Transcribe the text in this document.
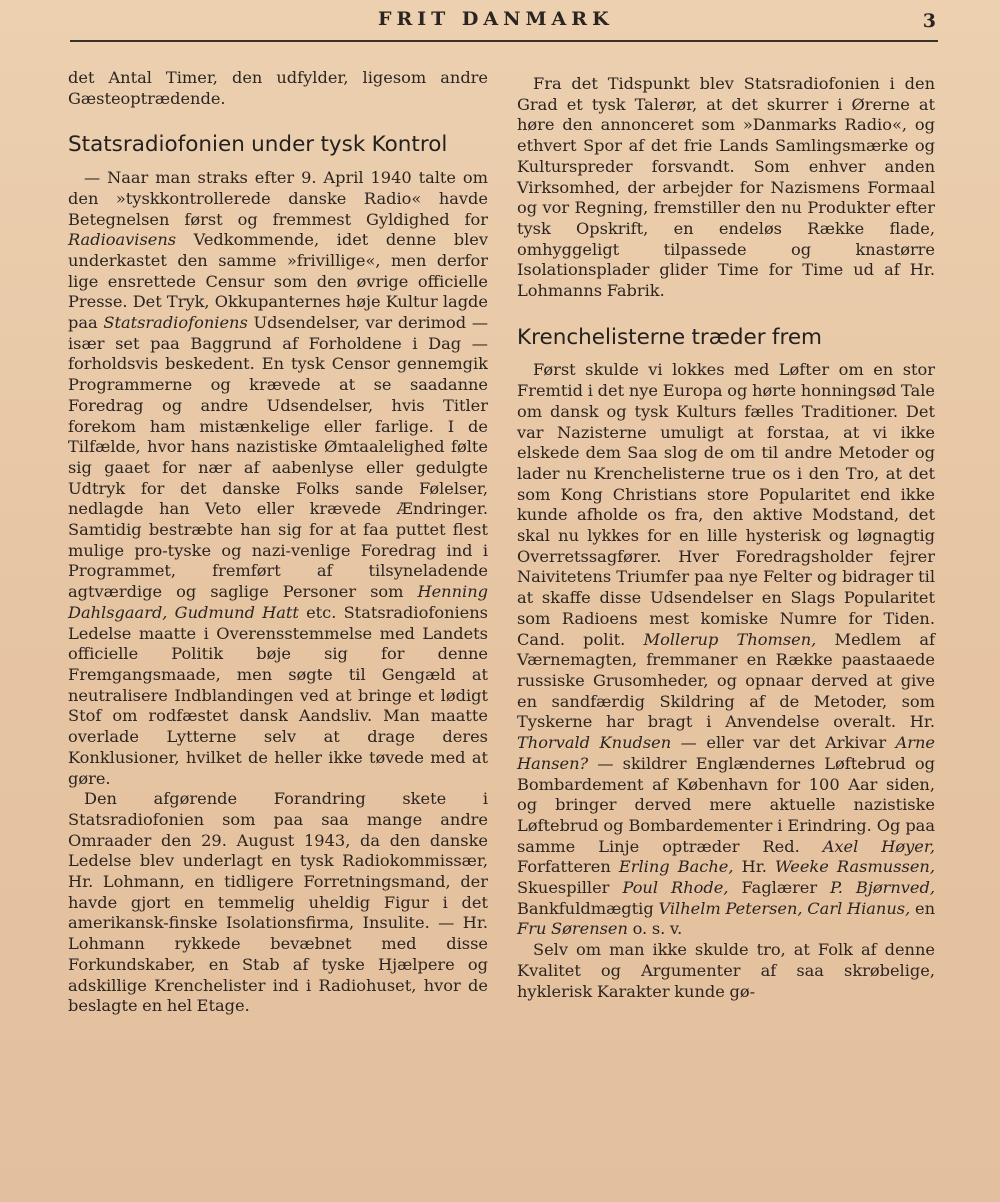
FRIT DANMARK	3

det Antal Timer, den udfylder, ligesom andre Gæsteoptrædende.

Statsradiofonien under tysk Kontrol

— Naar man straks efter 9. April 1940 talte om den »tyskkontrollerede danske Radio« havde Betegnelsen først og fremmest Gyldighed for Radioavisens Vedkommende, idet denne blev underkastet den samme »frivillige«, men derfor lige ensrettede Censur som den øvrige officielle Presse. Det Tryk, Okkupanternes høje Kultur lagde paa Statsradiofoniens Udsendelser, var derimod — især set paa Baggrund af Forholdene i Dag — forholdsvis beskedent. En tysk Censor gennemgik Programmerne og krævede at se saadanne Foredrag og andre Udsendelser, hvis Titler forekom ham mistænkelige eller farlige. I de Tilfælde, hvor hans nazistiske Ømtaalelighed følte sig gaaet for nær af aabenlyse eller gedulgte Udtryk for det danske Folks sande Følelser, nedlagde han Veto eller krævede Ændringer. Samtidig bestræbte han sig for at faa puttet flest mulige pro-tyske og nazi-venlige Foredrag ind i Programmet, fremført af tilsyneladende agtværdige og saglige Personer som Henning Dahlsgaard, Gudmund Hatt etc. Statsradiofoniens Ledelse maatte i Overensstemmelse med Landets officielle Politik bøje sig for denne Fremgangsmaade, men søgte til Gengæld at neutralisere Indblandingen ved at bringe et lødigt Stof om rodfæstet dansk Aandsliv. Man maatte overlade Lytterne selv at drage deres Konklusioner, hvilket de heller ikke tøvede med at gøre.

Den afgørende Forandring skete i Statsradiofonien som paa saa mange andre Omraader den 29. August 1943, da den danske Ledelse blev underlagt en tysk Radiokommissær, Hr. Lohmann, en tidligere Forretningsmand, der havde gjort en temmelig uheldig Figur i det amerikansk-finske Isolationsfirma, Insulite. — Hr. Lohmann rykkede bevæbnet med disse Forkundskaber, en Stab af tyske Hjælpere og adskillige Krenchelister ind i Radiohuset, hvor de beslagte en hel Etage.

Fra det Tidspunkt blev Statsradiofonien i den Grad et tysk Talerør, at det skurrer i Ørerne at høre den annonceret som »Danmarks Radio«, og ethvert Spor af det frie Lands Samlingsmærke og Kulturspreder forsvandt. Som enhver anden Virksomhed, der arbejder for Nazismens Formaal og vor Regning, fremstiller den nu Produkter efter tysk Opskrift, en endeløs Række flade, omhyggeligt tilpassede og knastørre Isolationsplader glider Time for Time ud af Hr. Lohmanns Fabrik.

Krenchelisterne træder frem

Først skulde vi lokkes med Løfter om en stor Fremtid i det nye Europa og hørte honningsød Tale om dansk og tysk Kulturs fælles Traditioner. Det var Nazisterne umuligt at forstaa, at vi ikke elskede dem Saa slog de om til andre Metoder og lader nu Krenchelisterne true os i den Tro, at det som Kong Christians store Popularitet end ikke kunde afholde os fra, den aktive Modstand, det skal nu lykkes for en lille hysterisk og løgnagtig Overretssagfører. Hver Foredragsholder fejrer Naivitetens Triumfer paa nye Felter og bidrager til at skaffe disse Udsendelser en Slags Popularitet som Radioens mest komiske Numre for Tiden. Cand. polit. Mollerup Thomsen, Medlem af Værnemagten, fremmaner en Række paastaaede russiske Grusomheder, og opnaar derved at give en sandfærdig Skildring af de Metoder, som Tyskerne har bragt i Anvendelse overalt. Hr. Thorvald Knudsen — eller var det Arkivar Arne Hansen? — skildrer Englændernes Løftebrud og Bombardement af København for 100 Aar siden, og bringer derved mere aktuelle nazistiske Løftebrud og Bombardementer i Erindring. Og paa samme Linje optræder Red. Axel Høyer, Forfatteren Erling Bache, Hr. Weeke Rasmussen, Skuespiller Poul Rhode, Faglærer P. Bjørnved, Bankfuldmægtig Vilhelm Petersen, Carl Hianus, en Fru Sørensen o. s. v.

Selv om man ikke skulde tro, at Folk af denne Kvalitet og Argumenter af saa skrøbelige, hyklerisk Karakter kunde gø-
